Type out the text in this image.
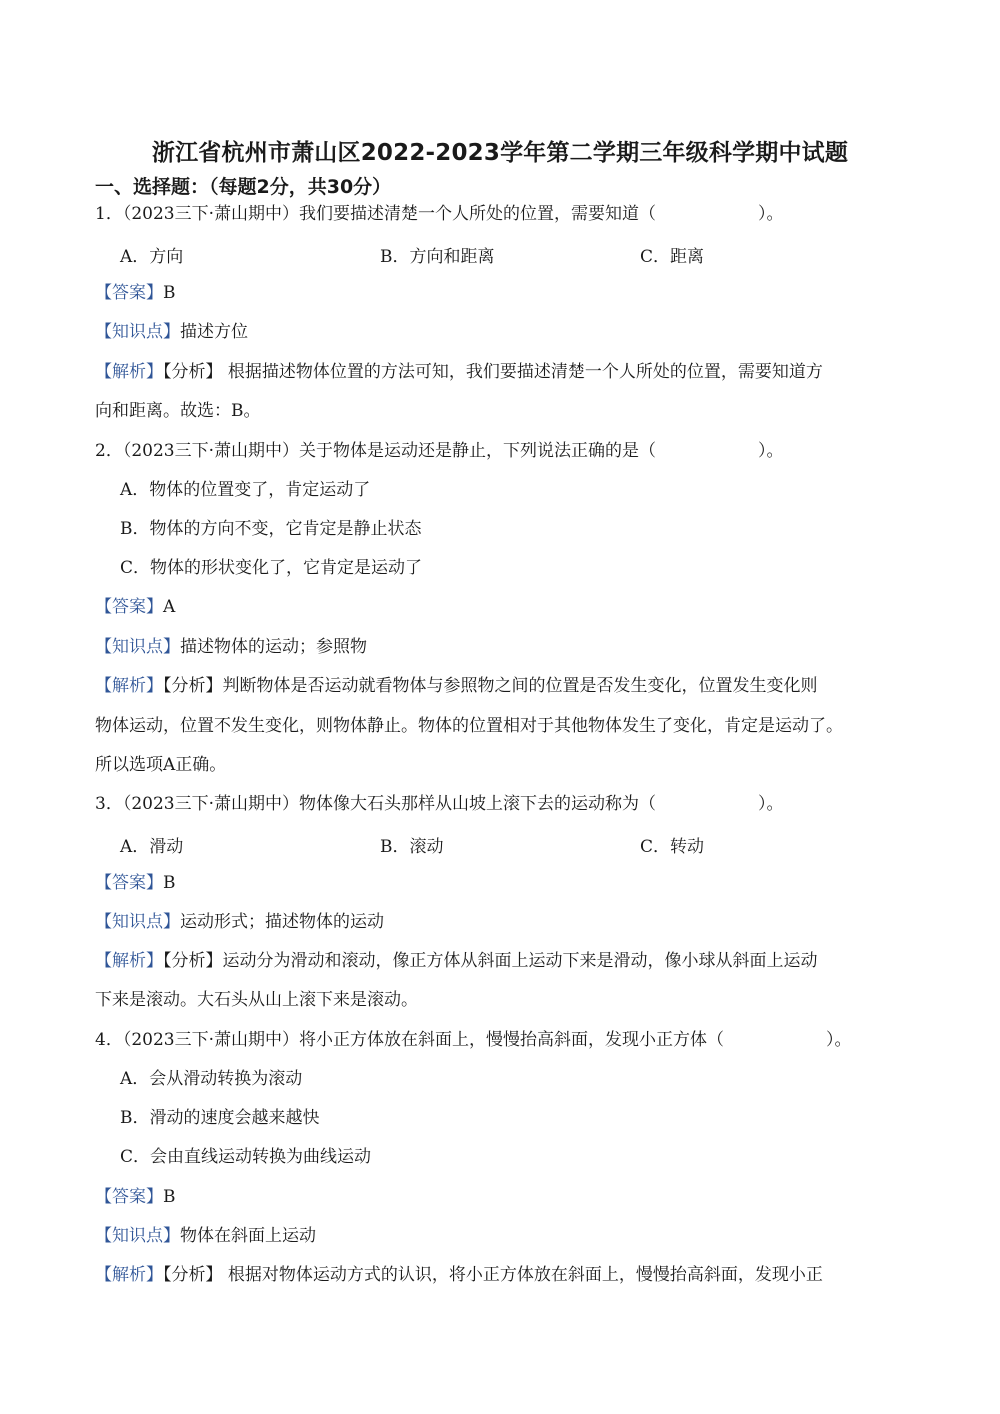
浙江省杭州市萧山区2022-2023学年第二学期三年级科学期中试题
一、选择题：（每题2分，共30分）
1．（2023三下·萧山期中）我们要描述清楚一个人所处的位置，需要知道（　　　　　　）。
A．方向	B．方向和距离	C．距离
【答案】B
【知识点】描述方位
【解析】【分析】 根据描述物体位置的方法可知，我们要描述清楚一个人所处的位置，需要知道方
向和距离。故选：B。
2．（2023三下·萧山期中）关于物体是运动还是静止，下列说法正确的是（　　　　　　）。
A．物体的位置变了，肯定运动了
B．物体的方向不变，它肯定是静止状态
C．物体的形状变化了，它肯定是运动了
【答案】A
【知识点】描述物体的运动；参照物
【解析】【分析】判断物体是否运动就看物体与参照物之间的位置是否发生变化，位置发生变化则
物体运动，位置不发生变化，则物体静止。物体的位置相对于其他物体发生了变化，肯定是运动了。
所以选项A正确。
3．（2023三下·萧山期中）物体像大石头那样从山坡上滚下去的运动称为（　　　　　　）。
A．滑动	B．滚动	C．转动
【答案】B
【知识点】运动形式；描述物体的运动
【解析】【分析】运动分为滑动和滚动，像正方体从斜面上运动下来是滑动，像小球从斜面上运动
下来是滚动。大石头从山上滚下来是滚动。
4．（2023三下·萧山期中）将小正方体放在斜面上，慢慢抬高斜面，发现小正方体（　　　　　　）。
A．会从滑动转换为滚动
B．滑动的速度会越来越快
C．会由直线运动转换为曲线运动
【答案】B
【知识点】物体在斜面上运动
【解析】【分析】 根据对物体运动方式的认识，将小正方体放在斜面上，慢慢抬高斜面，发现小正
